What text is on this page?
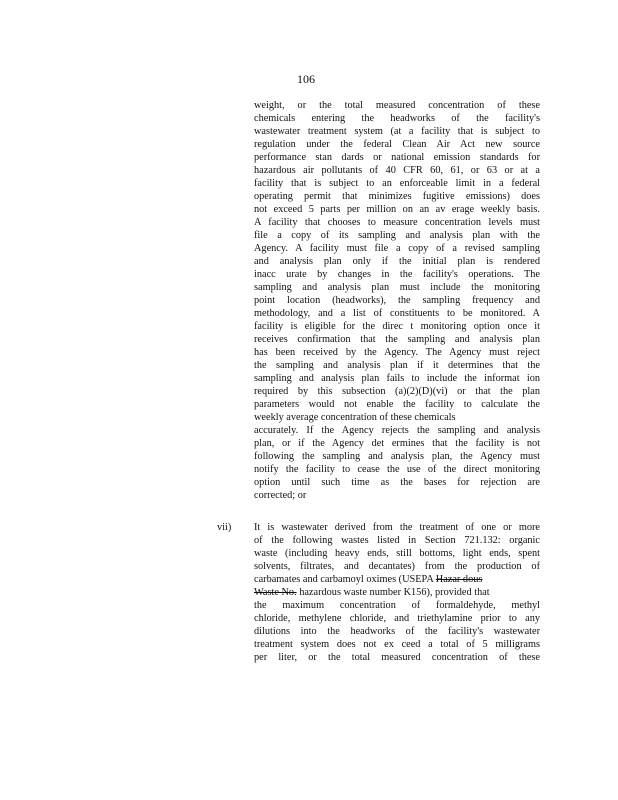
106
weight, or the total measured concentration of these
chemicals entering the headworks of the facility's
wastewater treatment system (at a facility that is subject to
regulation under the federal Clean Air Act new source
performance stan dards or national emission standards for
hazardous air pollutants of 40 CFR 60, 61, or 63 or at a
facility that is subject to an enforceable limit in a federal
operating permit that minimizes fugitive emissions) does
not exceed 5 parts per million on an av erage weekly basis.
A facility that chooses to measure concentration levels must
file a copy of its sampling and analysis plan with the
Agency. A facility must file a copy of a revised sampling
and analysis plan only if the initial plan is rendered
inacc urate by changes in the facility's operations. The
sampling and analysis plan must include the monitoring
point location (headworks), the sampling frequency and
methodology, and a list of constituents to be monitored. A
facility is eligible for the direc t monitoring option once it
receives confirmation that the sampling and analysis plan
has been received by the Agency. The Agency must reject
the sampling and analysis plan if it determines that the
sampling and analysis plan fails to include the informat ion
required by this subsection (a)(2)(D)(vi) or that the plan
parameters would not enable the facility to calculate the
weekly average concentration of these chemicals
accurately. If the Agency rejects the sampling and analysis
plan, or if the Agency det ermines that the facility is not
following the sampling and analysis plan, the Agency must
notify the facility to cease the use of the direct monitoring
option until such time as the bases for rejection are
corrected; or
vii) It is wastewater derived from the treatment of one or more
of the following wastes listed in Section 721.132: organic
waste (including heavy ends, still bottoms, light ends, spent
solvents, filtrates, and decantates) from the production of
carbamates and carbamoyl oximes (USEPA Hazar dous
Waste No. hazardous waste number K156), provided that
the maximum concentration of formaldehyde, methyl
chloride, methylene chloride, and triethylamine prior to any
dilutions into the headworks of the facility's wastewater
treatment system does not ex ceed a total of 5 milligrams
per liter, or the total measured concentration of these
